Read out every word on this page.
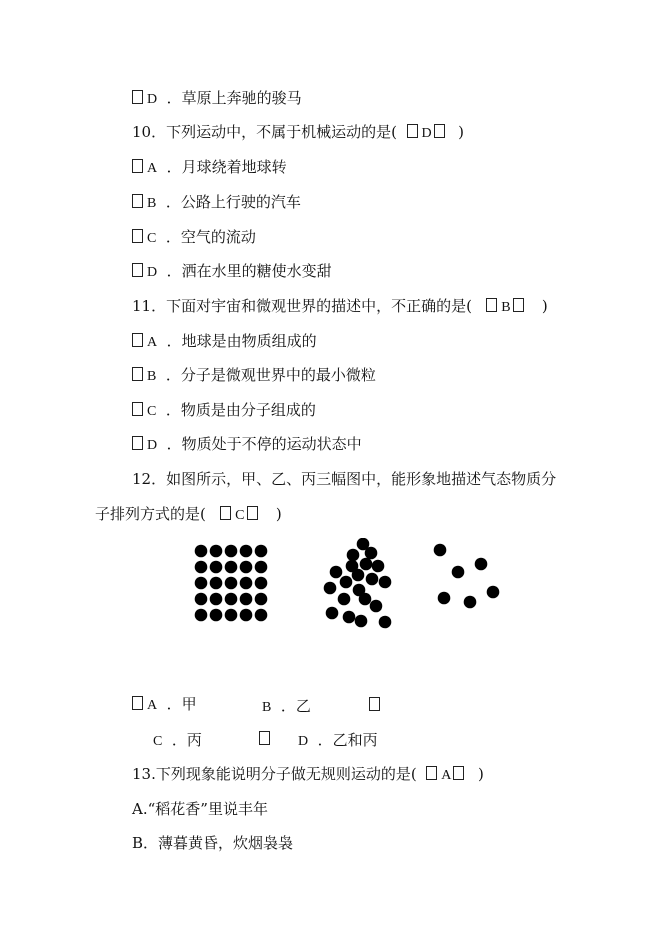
D ．草原上奔驰的骏马
10．下列运动中，不属于机械运动的是( D )
A ．月球绕着地球转
B ．公路上行驶的汽车
C ．空气的流动
D ．洒在水里的糖使水变甜
11．下面对宇宙和微观世界的描述中，不正确的是( B )
A ．地球是由物质组成的
B ．分子是微观世界中的最小微粒
C ．物质是由分子组成的
D ．物质处于不停的运动状态中
12．如图所示，甲、乙、丙三幅图中，能形象地描述气态物质分
子排列方式的是( C )
A ．甲	B ．乙
C ．丙	D ．乙和丙
13.下列现象能说明分子做无规则运动的是( A )
A.“稻花香”里说丰年
B．薄暮黄昏，炊烟袅袅
